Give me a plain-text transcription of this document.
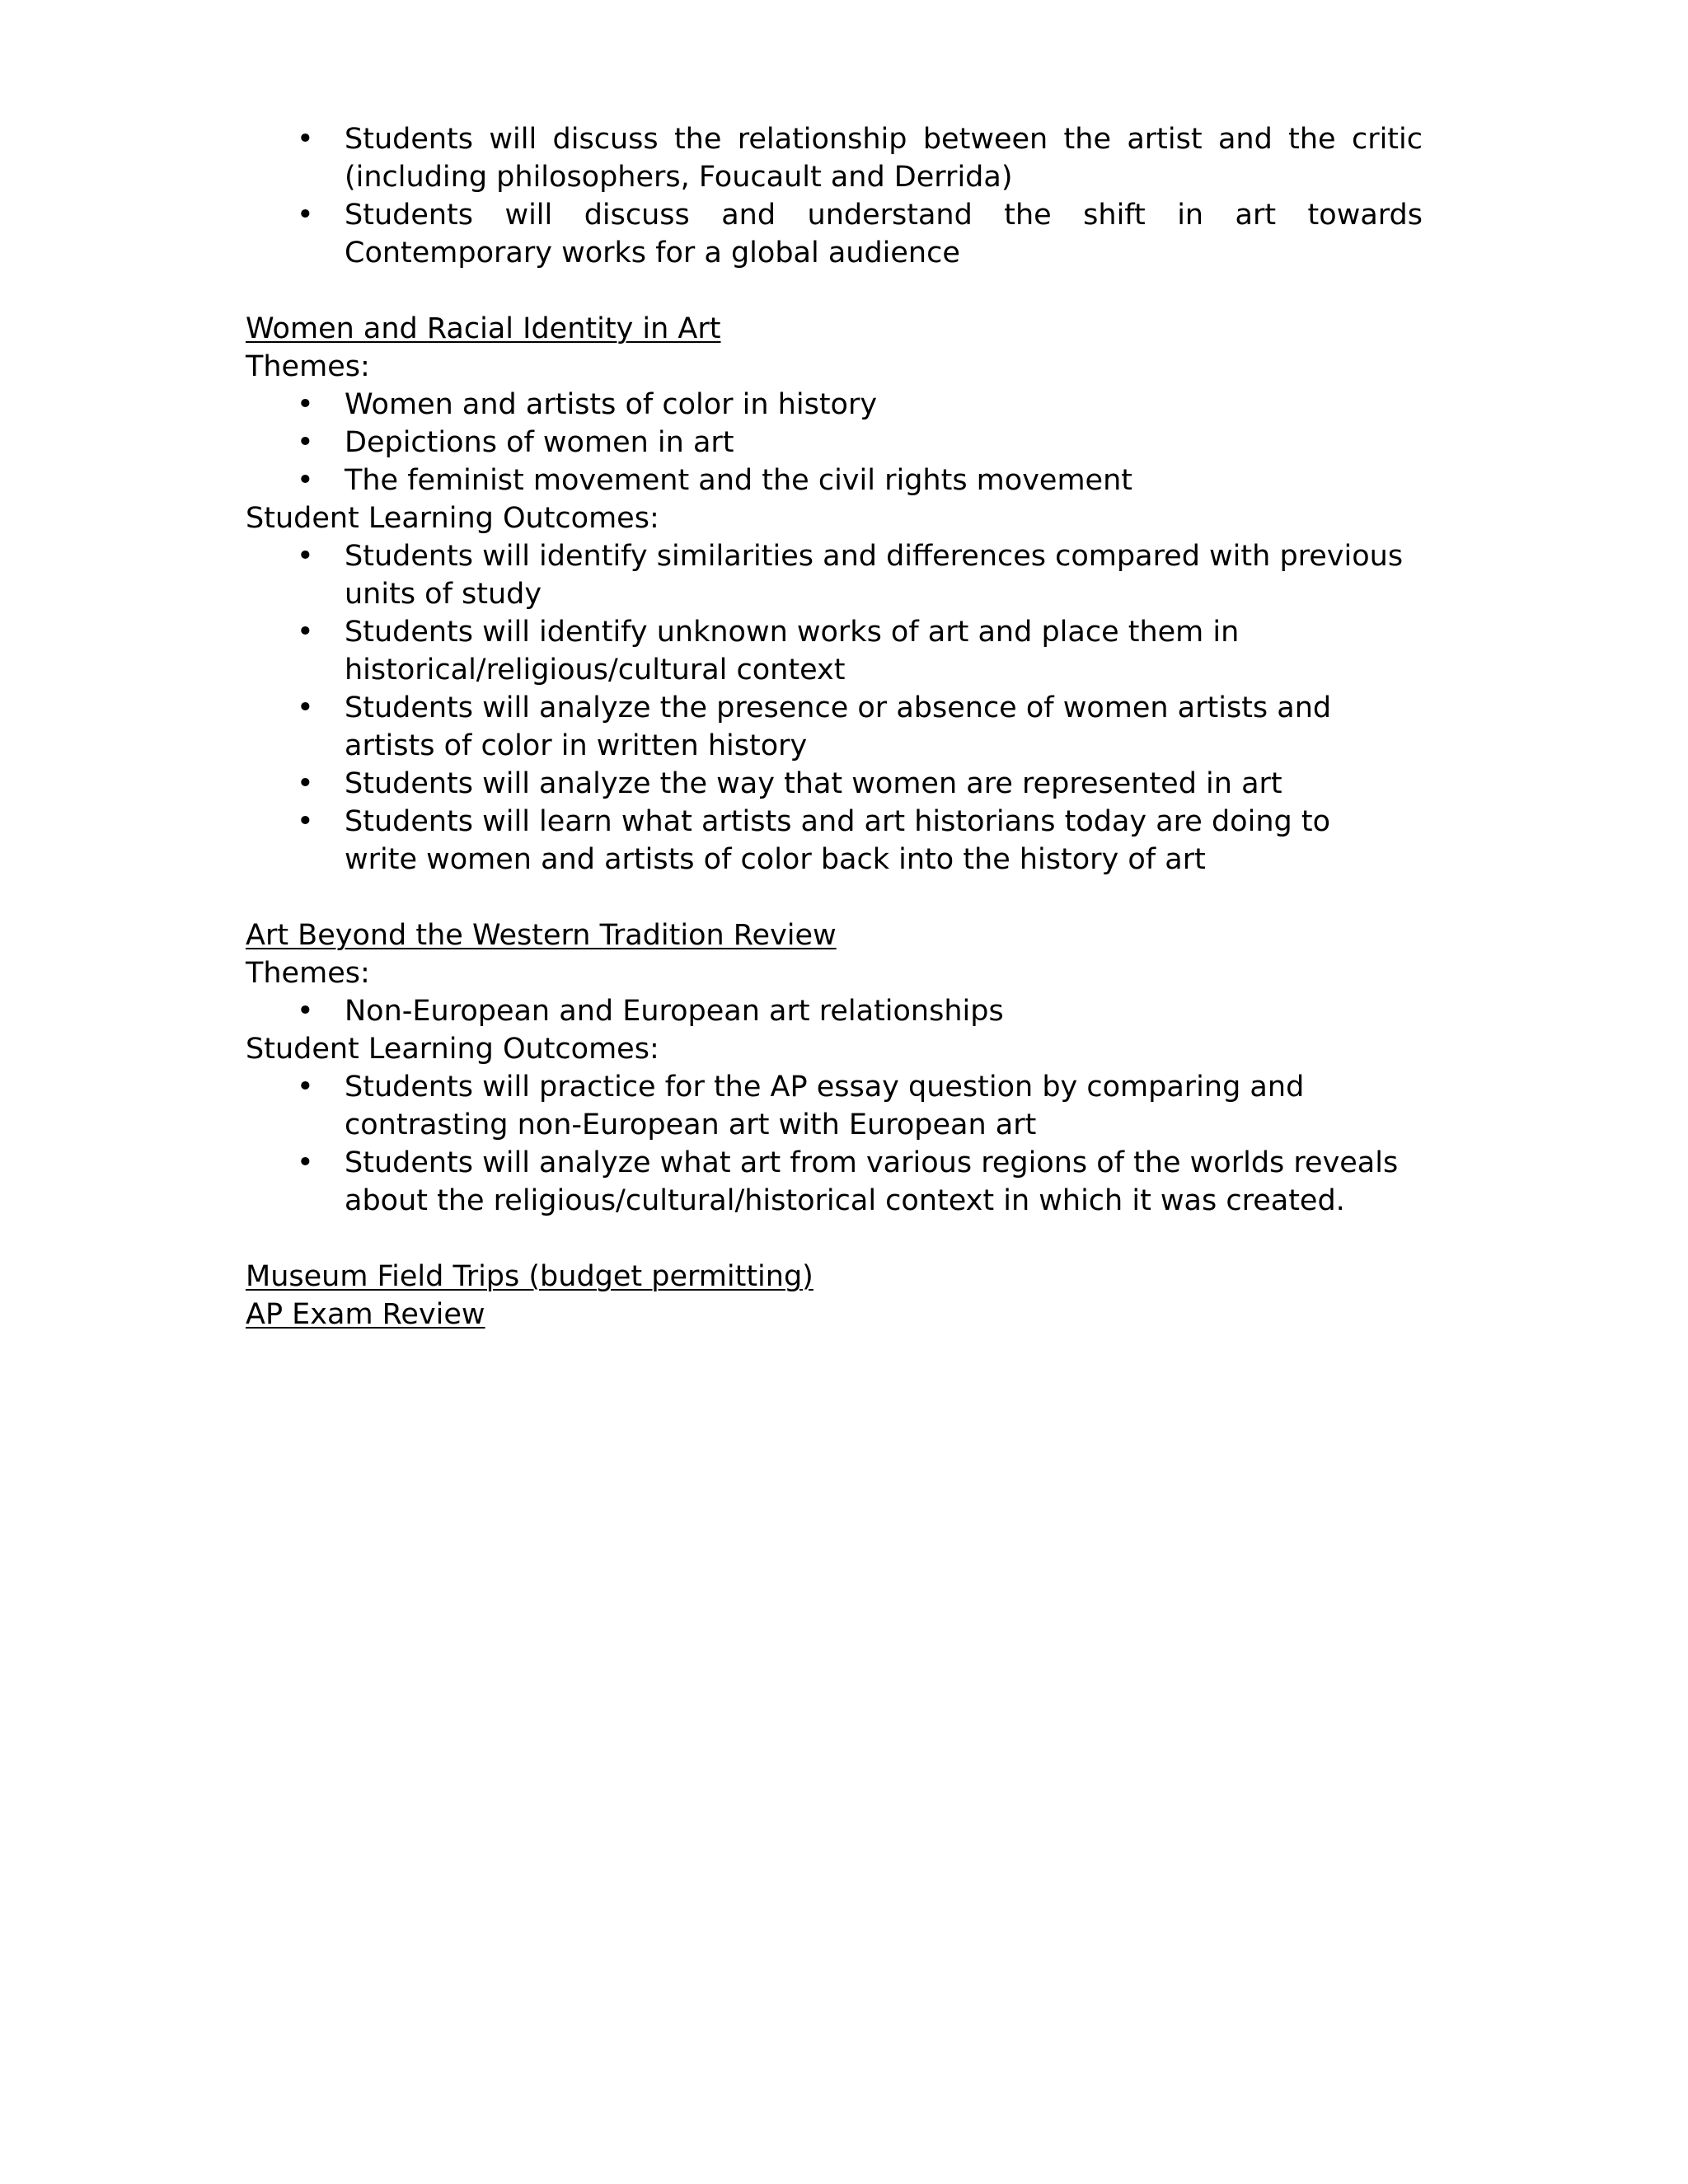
• Students will discuss the relationship between the artist and the critic (including philosophers, Foucault and Derrida)
• Students will discuss and understand the shift in art towards Contemporary works for a global audience

Women and Racial Identity in Art

Themes:

• Women and artists of color in history
• Depictions of women in art
• The feminist movement and the civil rights movement

Student Learning Outcomes:

• Students will identify similarities and differences compared with previous units of study
• Students will identify unknown works of art and place them in historical/religious/cultural context
• Students will analyze the presence or absence of women artists and artists of color in written history
• Students will analyze the way that women are represented in art
• Students will learn what artists and art historians today are doing to write women and artists of color back into the history of art

Art Beyond the Western Tradition Review

Themes:

• Non-European and European art relationships

Student Learning Outcomes:

• Students will practice for the AP essay question by comparing and contrasting non-European art with European art
• Students will analyze what art from various regions of the worlds reveals about the religious/cultural/historical context in which it was created.

Museum Field Trips (budget permitting)

AP Exam Review
